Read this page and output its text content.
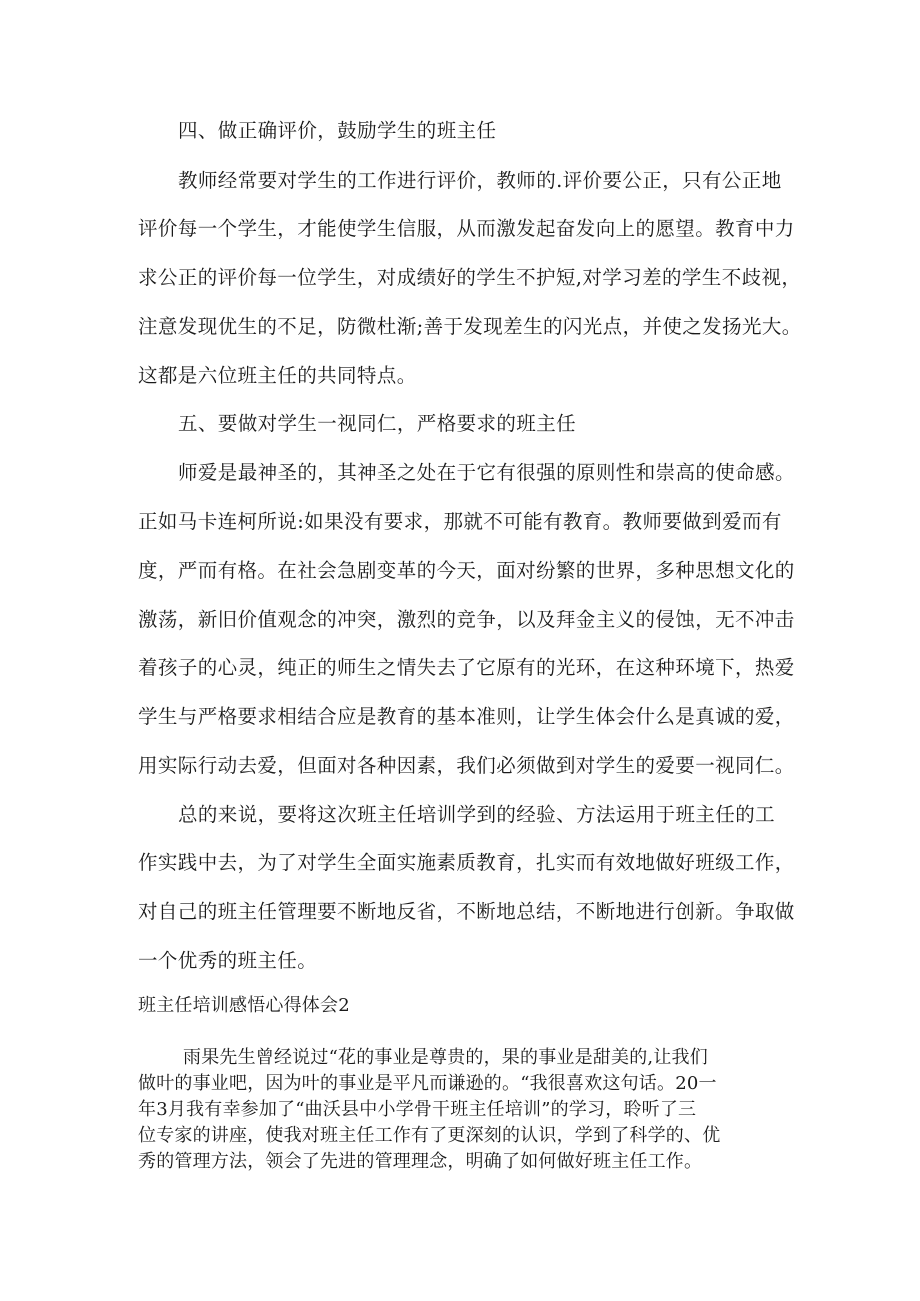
四、做正确评价，鼓励学生的班主任

教师经常要对学生的工作进行评价，教师的.评价要公正，只有公正地

评价每一个学生，才能使学生信服，从而激发起奋发向上的愿望。教育中力

求公正的评价每一位学生，对成绩好的学生不护短,对学习差的学生不歧视，

注意发现优生的不足，防微杜渐;善于发现差生的闪光点，并使之发扬光大。

这都是六位班主任的共同特点。

五、要做对学生一视同仁，严格要求的班主任

师爱是最神圣的，其神圣之处在于它有很强的原则性和崇高的使命感。

正如马卡连柯所说:如果没有要求，那就不可能有教育。教师要做到爱而有

度，严而有格。在社会急剧变革的今天，面对纷繁的世界，多种思想文化的

激荡，新旧价值观念的冲突，激烈的竞争，以及拜金主义的侵蚀，无不冲击

着孩子的心灵，纯正的师生之情失去了它原有的光环，在这种环境下，热爱

学生与严格要求相结合应是教育的基本准则，让学生体会什么是真诚的爱，

用实际行动去爱，但面对各种因素，我们必须做到对学生的爱要一视同仁。

总的来说，要将这次班主任培训学到的经验、方法运用于班主任的工

作实践中去，为了对学生全面实施素质教育，扎实而有效地做好班级工作，

对自己的班主任管理要不断地反省，不断地总结，不断地进行创新。争取做

一个优秀的班主任。

班主任培训感悟心得体会2

雨果先生曾经说过“花的事业是尊贵的，果的事业是甜美的,让我们

做叶的事业吧，因为叶的事业是平凡而谦逊的。“我很喜欢这句话。20一

年3月我有幸参加了“曲沃县中小学骨干班主任培训”的学习，聆听了三

位专家的讲座，使我对班主任工作有了更深刻的认识，学到了科学的、优

秀的管理方法，领会了先进的管理理念，明确了如何做好班主任工作。
